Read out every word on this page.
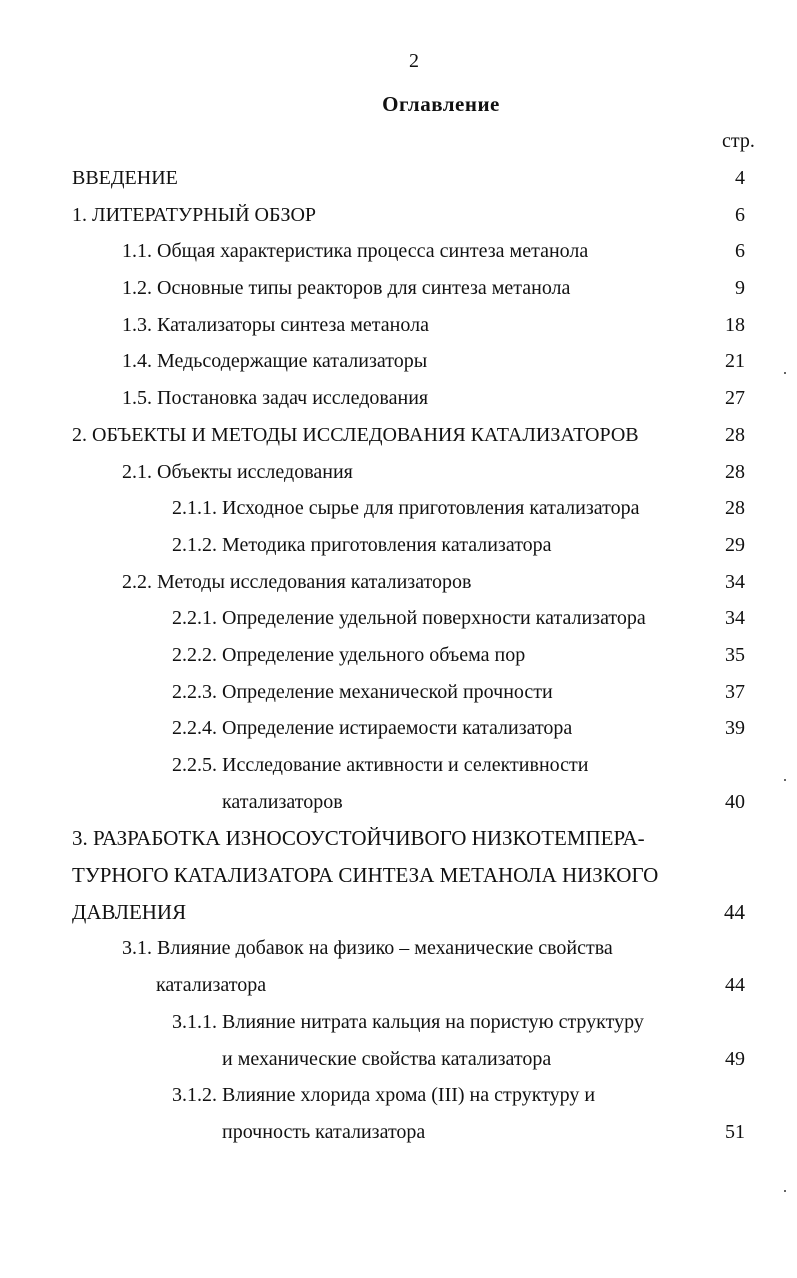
2
Оглавление
стр.
ВВЕДЕНИЕ	4
1. ЛИТЕРАТУРНЫЙ ОБЗОР	6
1.1. Общая характеристика процесса синтеза метанола	6
1.2. Основные типы реакторов для синтеза метанола	9
1.3. Катализаторы синтеза метанола	18
1.4. Медьсодержащие катализаторы	21
1.5. Постановка задач исследования	27
2. ОБЪЕКТЫ И МЕТОДЫ ИССЛЕДОВАНИЯ КАТАЛИЗАТОРОВ	28
2.1. Объекты исследования	28
2.1.1. Исходное сырье для приготовления катализатора	28
2.1.2. Методика приготовления катализатора	29
2.2. Методы исследования катализаторов	34
2.2.1. Определение удельной поверхности катализатора	34
2.2.2. Определение удельного объема пор	35
2.2.3. Определение механической прочности	37
2.2.4. Определение истираемости катализатора	39
2.2.5. Исследование активности и селективности
катализаторов	40
3. РАЗРАБОТКА ИЗНОСОУСТОЙЧИВОГО НИЗКОТЕМПЕРА-
ТУРНОГО КАТАЛИЗАТОРА СИНТЕЗА МЕТАНОЛА НИЗКОГО
ДАВЛЕНИЯ	44
3.1. Влияние добавок на физико – механические свойства
катализатора	44
3.1.1. Влияние нитрата кальция на пористую структуру
и механические свойства катализатора	49
3.1.2. Влияние хлорида хрома (III) на структуру и
прочность катализатора	51
